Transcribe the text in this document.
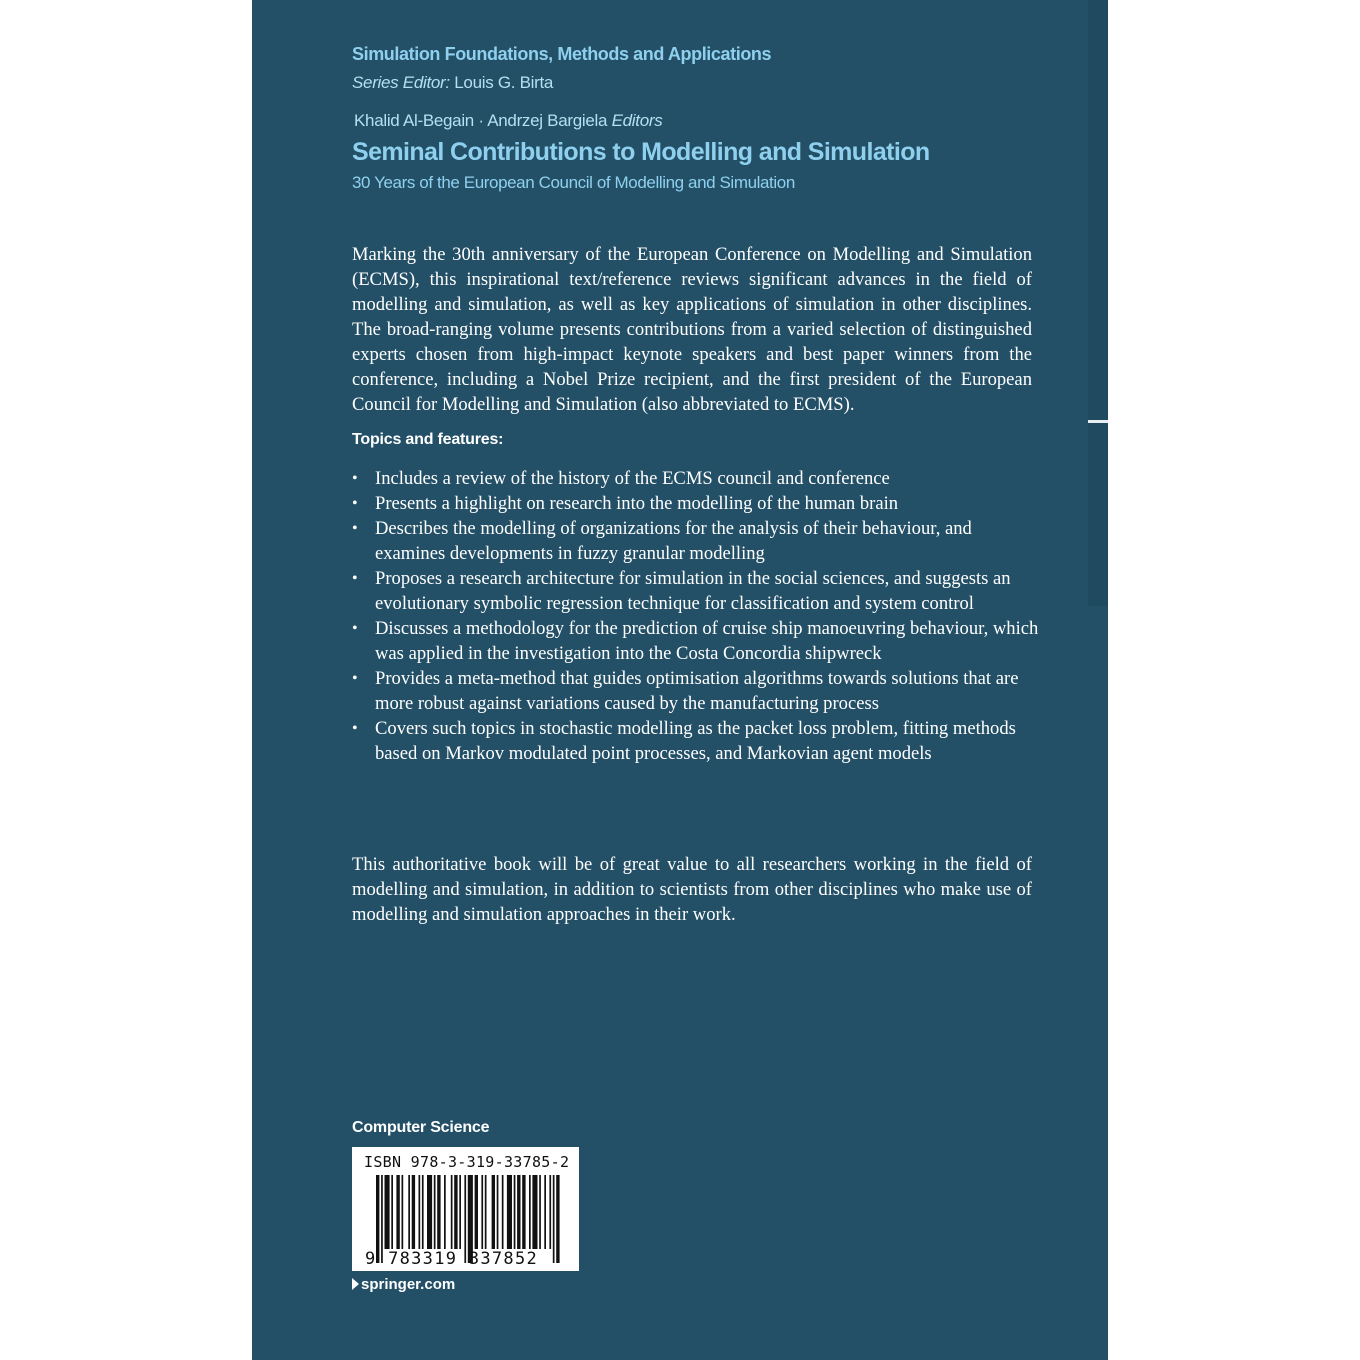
Simulation Foundations, Methods and Applications
Series Editor: Louis G. Birta
Khalid Al-Begain · Andrzej Bargiela Editors
Seminal Contributions to Modelling and Simulation
30 Years of the European Council of Modelling and Simulation

Marking the 30th anniversary of the European Conference on Modelling and Simulation (ECMS), this inspirational text/reference reviews significant advances in the field of modelling and simulation, as well as key applications of simulation in other disciplines. The broad-ranging volume presents contributions from a varied selection of distinguished experts chosen from high-impact keynote speakers and best paper winners from the conference, including a Nobel Prize recipient, and the first president of the European Council for Modelling and Simulation (also abbreviated to ECMS).

Topics and features:
• Includes a review of the history of the ECMS council and conference
• Presents a highlight on research into the modelling of the human brain
• Describes the modelling of organizations for the analysis of their behaviour, and examines developments in fuzzy granular modelling
• Proposes a research architecture for simulation in the social sciences, and suggests an evolutionary symbolic regression technique for classification and system control
• Discusses a methodology for the prediction of cruise ship manoeuvring behaviour, which was applied in the investigation into the Costa Concordia shipwreck
• Provides a meta-method that guides optimisation algorithms towards solutions that are more robust against variations caused by the manufacturing process
• Covers such topics in stochastic modelling as the packet loss problem, fitting methods based on Markov modulated point processes, and Markovian agent models

This authoritative book will be of great value to all researchers working in the field of modelling and simulation, in addition to scientists from other disciplines who make use of modelling and simulation approaches in their work.

Computer Science
ISBN 978-3-319-33785-2
9 783319 337852
springer.com
